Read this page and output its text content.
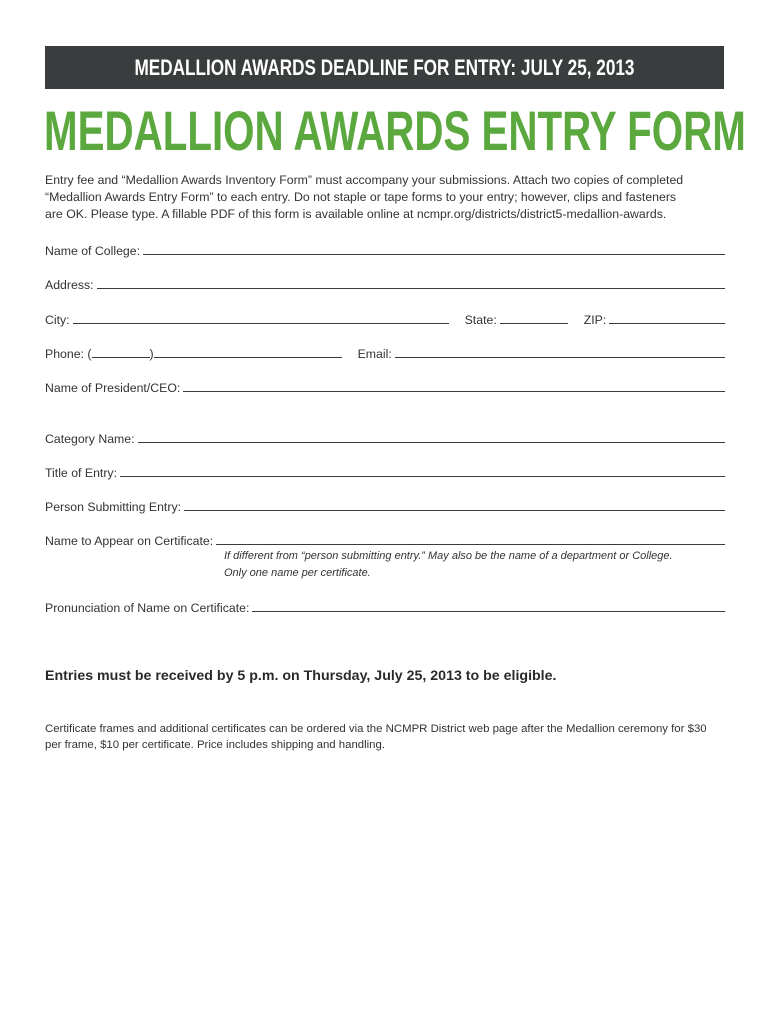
MEDALLION AWARDS DEADLINE FOR ENTRY: JULY 25, 2013
MEDALLION AWARDS ENTRY FORM

Entry fee and “Medallion Awards Inventory Form” must accompany your submissions. Attach two copies of completed

“Medallion Awards Entry Form” to each entry. Do not staple or tape forms to your entry; however, clips and fasteners

are OK. Please type. A fillable PDF of this form is available online at ncmpr.org/districts/district5-medallion-awards.

Name of College:
Address:
City:	State:	ZIP:
Phone: (	)	Email:
Name of President/CEO:
Category Name:
Title of Entry:
Person Submitting Entry:
Name to Appear on Certificate:

If different from “person submitting entry.” May also be the name of a department or College.

Only one name per certificate.

Pronunciation of Name on Certificate:
Entries must be received by 5 p.m. on Thursday, July 25, 2013 to be eligible.

Certificate frames and additional certificates can be ordered via the NCMPR District web page after the Medallion ceremony for $30

per frame, $10 per certificate. Price includes shipping and handling.
